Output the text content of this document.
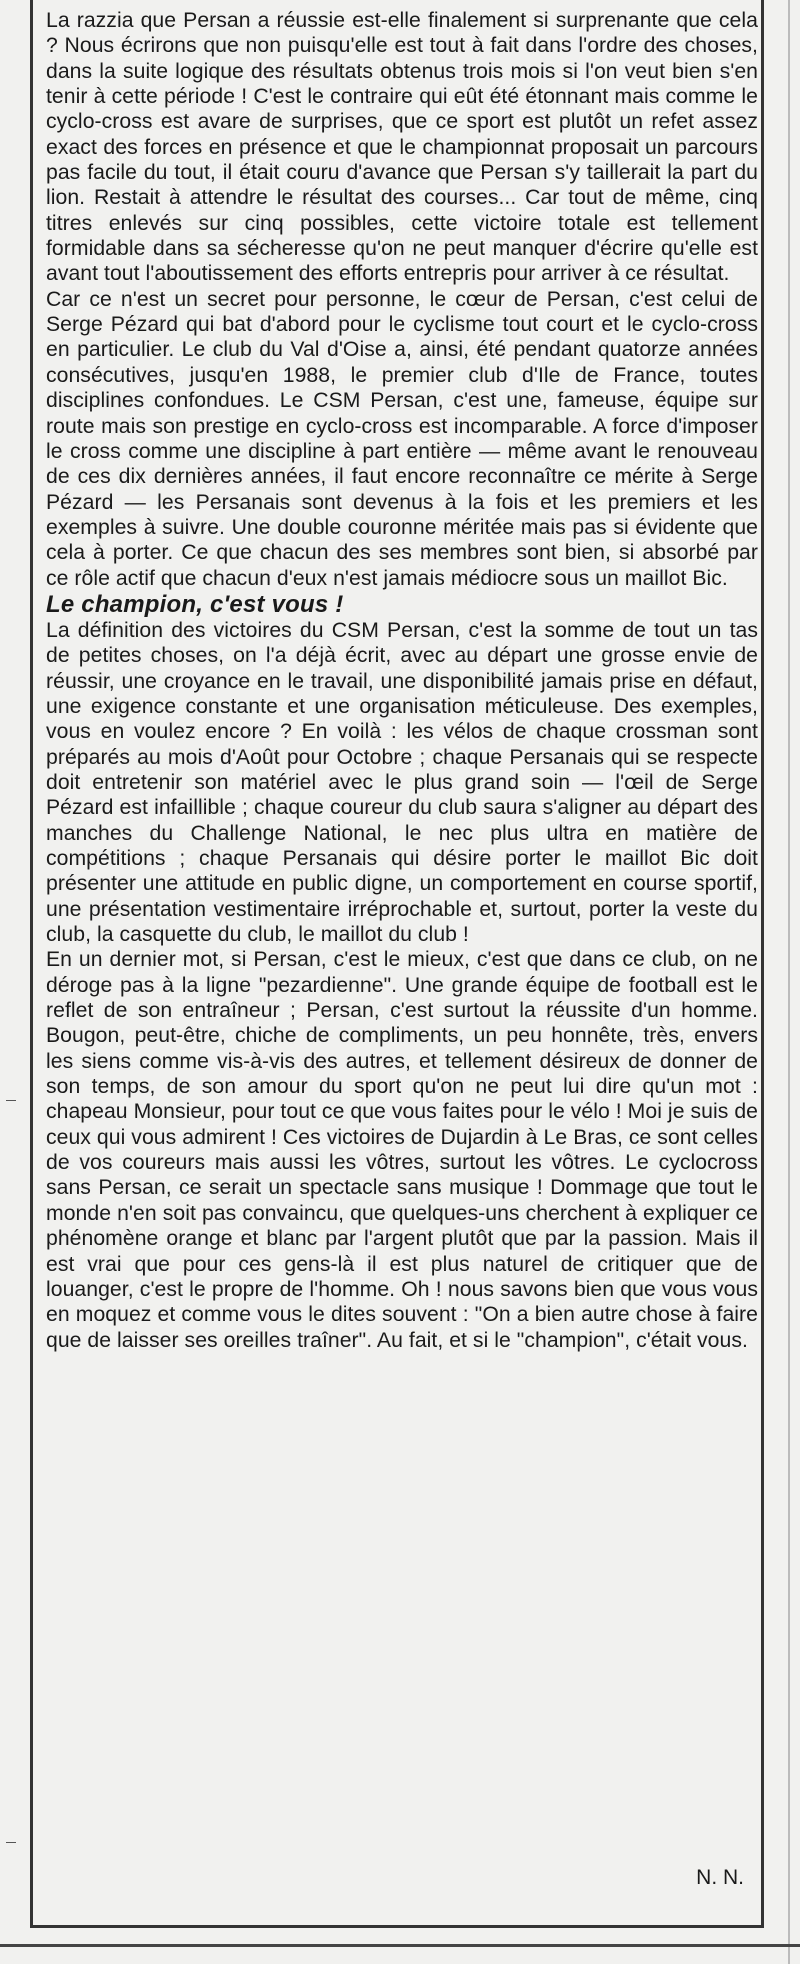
La razzia que Persan a réussie est-elle finalement si surprenante que cela ? Nous écrirons que non puisqu'elle est tout à fait dans l'ordre des choses, dans la suite logique des résultats obtenus trois mois si l'on veut bien s'en tenir à cette période ! C'est le contraire qui eût été étonnant mais comme le cyclo-cross est avare de surprises, que ce sport est plutôt un refet assez exact des forces en présence et que le championnat proposait un parcours pas facile du tout, il était couru d'avance que Persan s'y taillerait la part du lion. Restait à attendre le résultat des courses... Car tout de même, cinq titres enlevés sur cinq possibles, cette victoire totale est tellement formidable dans sa sécheresse qu'on ne peut manquer d'écrire qu'elle est avant tout l'aboutissement des efforts entrepris pour arriver à ce résultat.

Car ce n'est un secret pour personne, le cœur de Persan, c'est celui de Serge Pézard qui bat d'abord pour le cyclisme tout court et le cyclo-cross en particulier. Le club du Val d'Oise a, ainsi, été pendant quatorze années consécutives, jusqu'en 1988, le premier club d'Ile de France, toutes disciplines confondues. Le CSM Persan, c'est une, fameuse, équipe sur route mais son prestige en cyclo-cross est incomparable. A force d'imposer le cross comme une discipline à part entière — même avant le renouveau de ces dix dernières années, il faut encore reconnaître ce mérite à Serge Pézard — les Persanais sont devenus à la fois et les premiers et les exemples à suivre. Une double couronne méritée mais pas si évidente que cela à porter. Ce que chacun des ses membres sont bien, si absorbé par ce rôle actif que chacun d'eux n'est jamais médiocre sous un maillot Bic.

Le champion, c'est vous !

La définition des victoires du CSM Persan, c'est la somme de tout un tas de petites choses, on l'a déjà écrit, avec au départ une grosse envie de réussir, une croyance en le travail, une disponibilité jamais prise en défaut, une exigence constante et une organisation méticuleuse. Des exemples, vous en voulez encore ? En voilà : les vélos de chaque crossman sont préparés au mois d'Août pour Octobre ; chaque Persanais qui se respecte doit entretenir son matériel avec le plus grand soin — l'œil de Serge Pézard est infaillible ; chaque coureur du club saura s'aligner au départ des manches du Challenge National, le nec plus ultra en matière de compétitions ; chaque Persanais qui désire porter le maillot Bic doit présenter une attitude en public digne, un comportement en course sportif, une présentation vestimentaire irréprochable et, surtout, porter la veste du club, la casquette du club, le maillot du club !

En un dernier mot, si Persan, c'est le mieux, c'est que dans ce club, on ne déroge pas à la ligne "pezardienne". Une grande équipe de football est le reflet de son entraîneur ; Persan, c'est surtout la réussite d'un homme. Bougon, peut-être, chiche de compliments, un peu honnête, très, envers les siens comme vis-à-vis des autres, et tellement désireux de donner de son temps, de son amour du sport qu'on ne peut lui dire qu'un mot : chapeau Monsieur, pour tout ce que vous faites pour le vélo ! Moi je suis de ceux qui vous admirent ! Ces victoires de Dujardin à Le Bras, ce sont celles de vos coureurs mais aussi les vôtres, surtout les vôtres. Le cyclocross sans Persan, ce serait un spectacle sans musique ! Dommage que tout le monde n'en soit pas convaincu, que quelques-uns cherchent à expliquer ce phénomène orange et blanc par l'argent plutôt que par la passion. Mais il est vrai que pour ces gens-là il est plus naturel de critiquer que de louanger, c'est le propre de l'homme. Oh ! nous savons bien que vous vous en moquez et comme vous le dites souvent : "On a bien autre chose à faire que de laisser ses oreilles traîner". Au fait, et si le "champion", c'était vous.

N. N.
